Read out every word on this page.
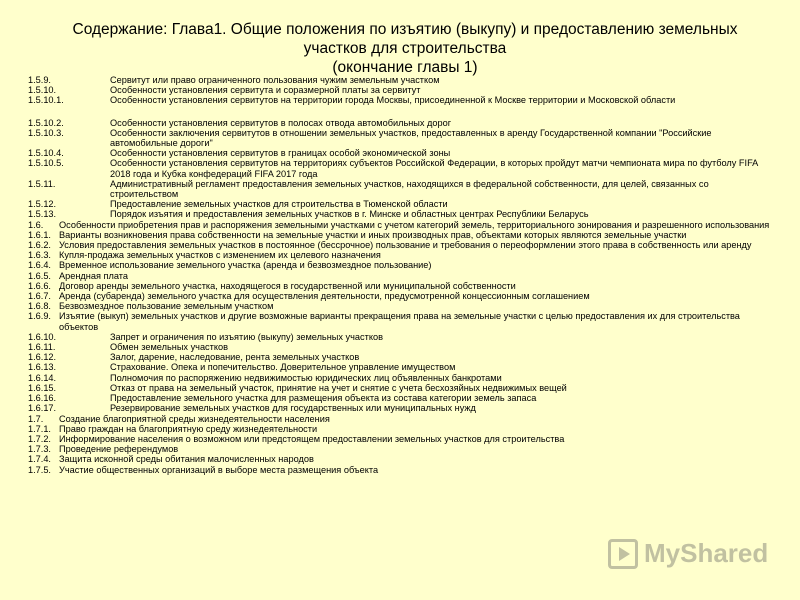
Содержание: Глава1. Общие положения по изъятию (выкупу) и предоставлению земельных
участков для строительства
(окончание главы 1)
1.5.9.	Сервитут или право ограниченного пользования чужим земельным участком
1.5.10.	Особенности установления сервитута и соразмерной платы за сервитут
1.5.10.1.	Особенности установления сервитутов на территории города Москвы, присоединенной к Москве территории и Московской области
1.5.10.2.	Особенности установления сервитутов в полосах отвода автомобильных дорог
1.5.10.3.	Особенности заключения сервитутов в отношении земельных участков, предоставленных в аренду Государственной компании "Российские автомобильные дороги"
1.5.10.4.	Особенности установления сервитутов в границах особой экономической зоны
1.5.10.5.	Особенности установления сервитутов на территориях субъектов Российской Федерации, в которых пройдут матчи чемпионата мира по футболу FIFA 2018 года и Кубка конфедераций FIFA 2017 года
1.5.11.	Административный регламент предоставления земельных участков, находящихся в федеральной собственности, для целей, связанных со строительством
1.5.12.	Предоставление земельных участков для строительства в Тюменской области
1.5.13.	Порядок изъятия и предоставления земельных участков в г. Минске и областных центрах Республики Беларусь
1.6.	Особенности приобретения прав и распоряжения земельными участками с учетом категорий земель, территориального зонирования и разрешенного использования
1.6.1. Варианты возникновения права собственности на земельные участки и иных производных прав, объектами которых являются земельные участки
1.6.2. Условия предоставления земельных участков в постоянное (бессрочное) пользование и требования о переоформлении этого права в собственность или аренду
1.6.3. Купля-продажа земельных участков с изменением их целевого назначения
1.6.4. Временное использование земельного участка (аренда и безвозмездное пользование)
1.6.5. Арендная плата
1.6.6. Договор аренды земельного участка, находящегося в государственной или муниципальной собственности
1.6.7. Аренда (субаренда) земельного участка для осуществления деятельности, предусмотренной концессионным соглашением
1.6.8. Безвозмездное пользование земельным участком
1.6.9. Изъятие (выкуп) земельных участков и другие возможные варианты прекращения права на земельные участки с целью предоставления их для строительства объектов
1.6.10.	Запрет и ограничения по изъятию (выкупу) земельных участков
1.6.11.	Обмен земельных участков
1.6.12.	Залог, дарение, наследование, рента земельных участков
1.6.13.	Страхование. Опека и попечительство. Доверительное управление имуществом
1.6.14.	Полномочия по распоряжению недвижимостью юридических лиц объявленных банкротами
1.6.15.	Отказ от права на земельный участок, принятие на учет и снятие с учета бесхозяйных недвижимых вещей
1.6.16.	Предоставление земельного участка для размещения объекта из состава категории земель запаса
1.6.17.	Резервирование земельных участков для государственных или муниципальных нужд
1.7.	Создание благоприятной среды жизнедеятельности населения
1.7.1. Право граждан на благоприятную среду жизнедеятельности
1.7.2. Информирование населения о возможном или предстоящем предоставлении земельных участков для строительства
1.7.3. Проведение референдумов
1.7.4. Защита исконной среды обитания малочисленных народов
1.7.5. Участие общественных организаций в выборе места размещения объекта
MyShared
